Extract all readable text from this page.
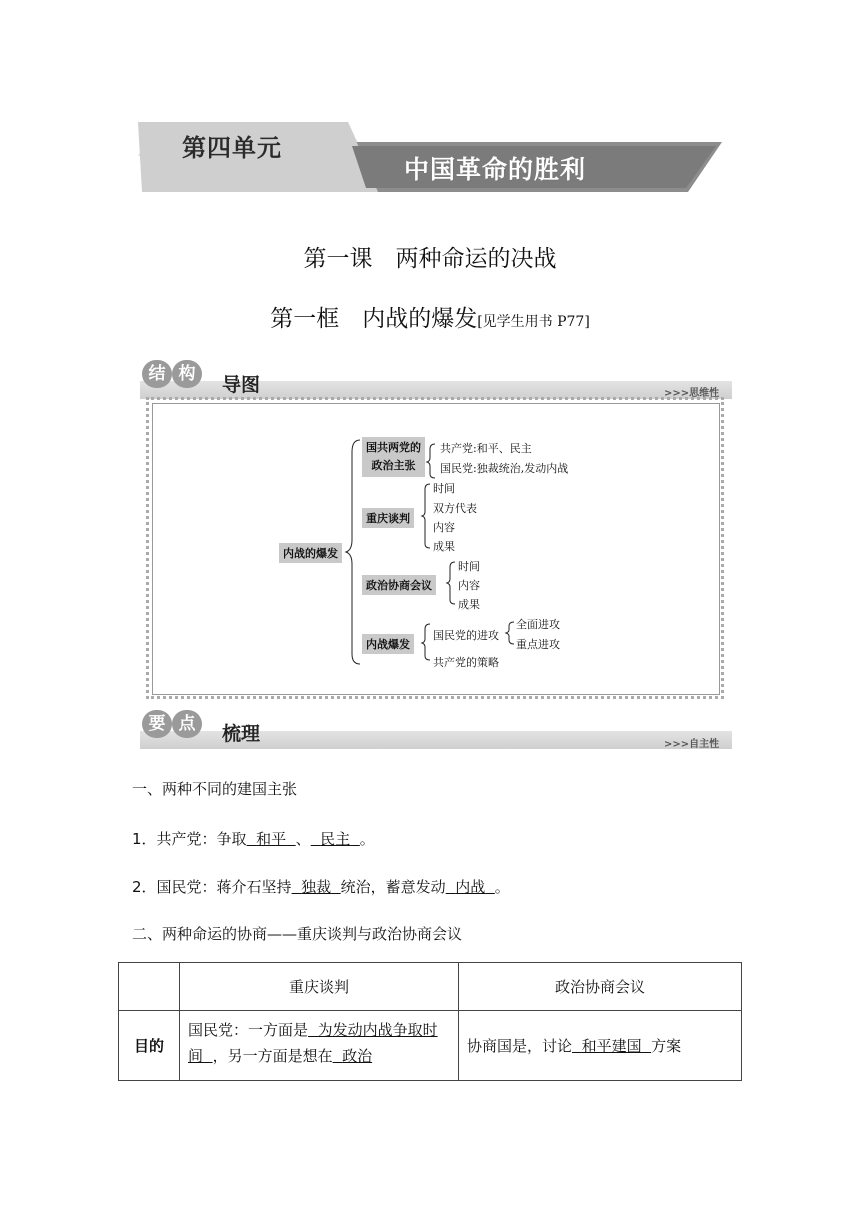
第四单元
中国革命的胜利
第一课　两种命运的决战
第一框　内战的爆发[见学生用书 P77]
结 构	导图	>>>思维性
内战的爆发
国共两党的
政治主张
共产党:和平、民主
国民党:独裁统治,发动内战
重庆谈判
时间
双方代表
内容
成果
政治协商会议
时间
内容
成果
内战爆发
国民党的进攻
共产党的策略
全面进攻
重点进攻
要 点	梳理	>>>自主性
一、两种不同的建国主张
1．共产党：争取 和平 、 民主 。
2．国民党：蒋介石坚持 独裁 统治，蓄意发动 内战 。
二、两种命运的协商——重庆谈判与政治协商会议
	重庆谈判	政治协商会议
目的	国民党：一方面是 为发动内战争取时间 ，另一方面是想在 政治	协商国是，讨论 和平建国 方案
